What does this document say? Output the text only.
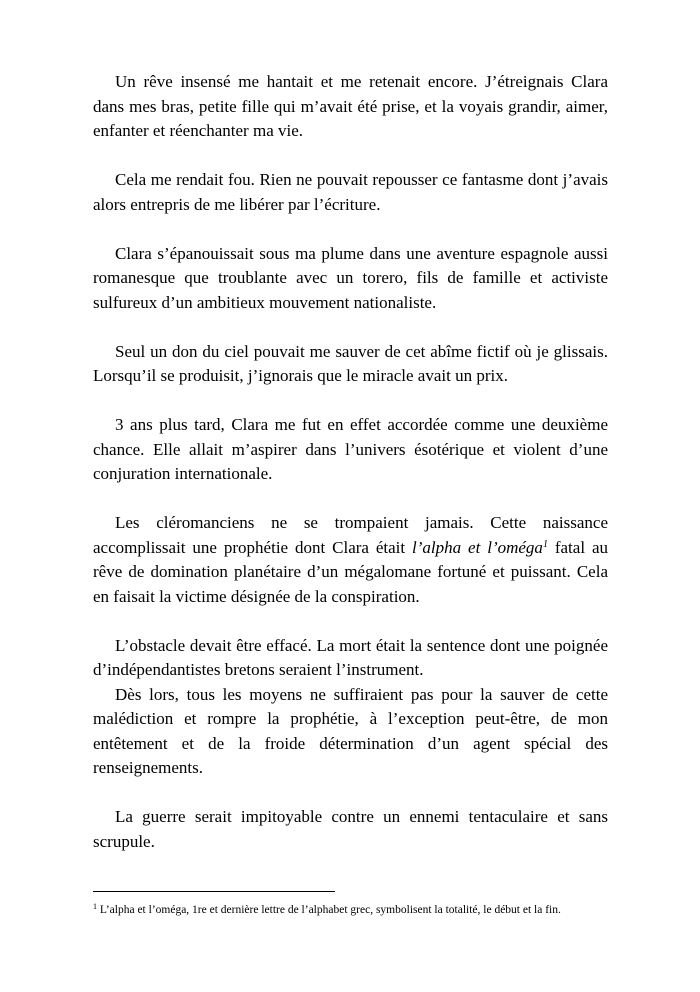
Un rêve insensé me hantait et me retenait encore. J’étreignais Clara dans mes bras, petite fille qui m’avait été prise, et la voyais grandir, aimer, enfanter et réenchanter ma vie.

Cela me rendait fou. Rien ne pouvait repousser ce fantasme dont j’avais alors entrepris de me libérer par l’écriture.

Clara s’épanouissait sous ma plume dans une aventure espagnole aussi romanesque que troublante avec un torero, fils de famille et activiste sulfureux d’un ambitieux mouvement nationaliste.

Seul un don du ciel pouvait me sauver de cet abîme fictif où je glissais. Lorsqu’il se produisit, j’ignorais que le miracle avait un prix.

3 ans plus tard, Clara me fut en effet accordée comme une deuxième chance. Elle allait m’aspirer dans l’univers ésotérique et violent d’une conjuration internationale.

Les cléromanciens ne se trompaient jamais. Cette naissance accomplissait une prophétie dont Clara était l’alpha et l’oméga$^1$ fatal au rêve de domination planétaire d’un mégalomane fortuné et puissant. Cela en faisait la victime désignée de la conspiration.

L’obstacle devait être effacé. La mort était la sentence dont une poignée d’indépendantistes bretons seraient l’instrument.

Dès lors, tous les moyens ne suffiraient pas pour la sauver de cette malédiction et rompre la prophétie, à l’exception peut-être, de mon entêtement et de la froide détermination d’un agent spécial des renseignements.

La guerre serait impitoyable contre un ennemi tentaculaire et sans scrupule.

$^1$ L’alpha et l’oméga, 1re et dernière lettre de l’alphabet grec, symbolisent la totalité, le début et la fin.
